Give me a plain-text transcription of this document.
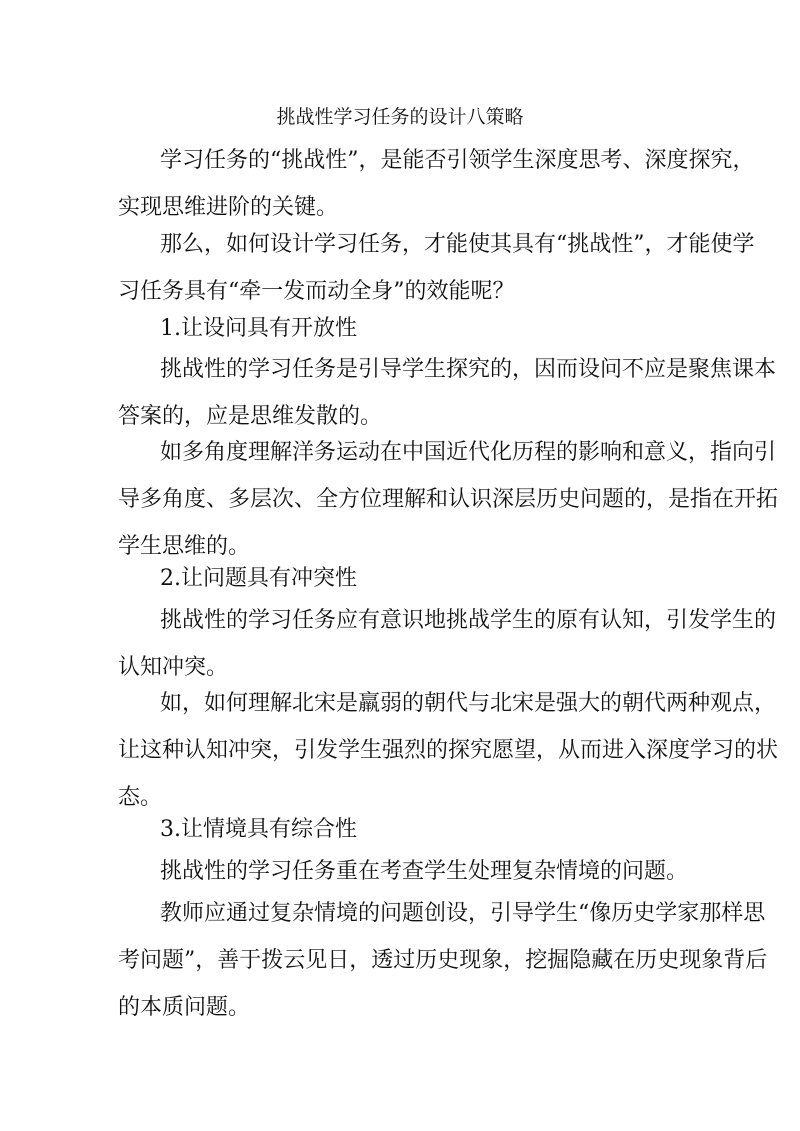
挑战性学习任务的设计八策略
学习任务的“挑战性”，是能否引领学生深度思考、深度探究，
实现思维进阶的关键。
那么，如何设计学习任务，才能使其具有“挑战性”，才能使学
习任务具有“牵一发而动全身”的效能呢？
1.让设问具有开放性
挑战性的学习任务是引导学生探究的，因而设问不应是聚焦课本
答案的，应是思维发散的。
如多角度理解洋务运动在中国近代化历程的影响和意义，指向引
导多角度、多层次、全方位理解和认识深层历史问题的，是指在开拓
学生思维的。
2.让问题具有冲突性
挑战性的学习任务应有意识地挑战学生的原有认知，引发学生的
认知冲突。
如，如何理解北宋是羸弱的朝代与北宋是强大的朝代两种观点，
让这种认知冲突，引发学生强烈的探究愿望，从而进入深度学习的状
态。
3.让情境具有综合性
挑战性的学习任务重在考查学生处理复杂情境的问题。
教师应通过复杂情境的问题创设，引导学生“像历史学家那样思
考问题”，善于拨云见日，透过历史现象，挖掘隐藏在历史现象背后
的本质问题。
